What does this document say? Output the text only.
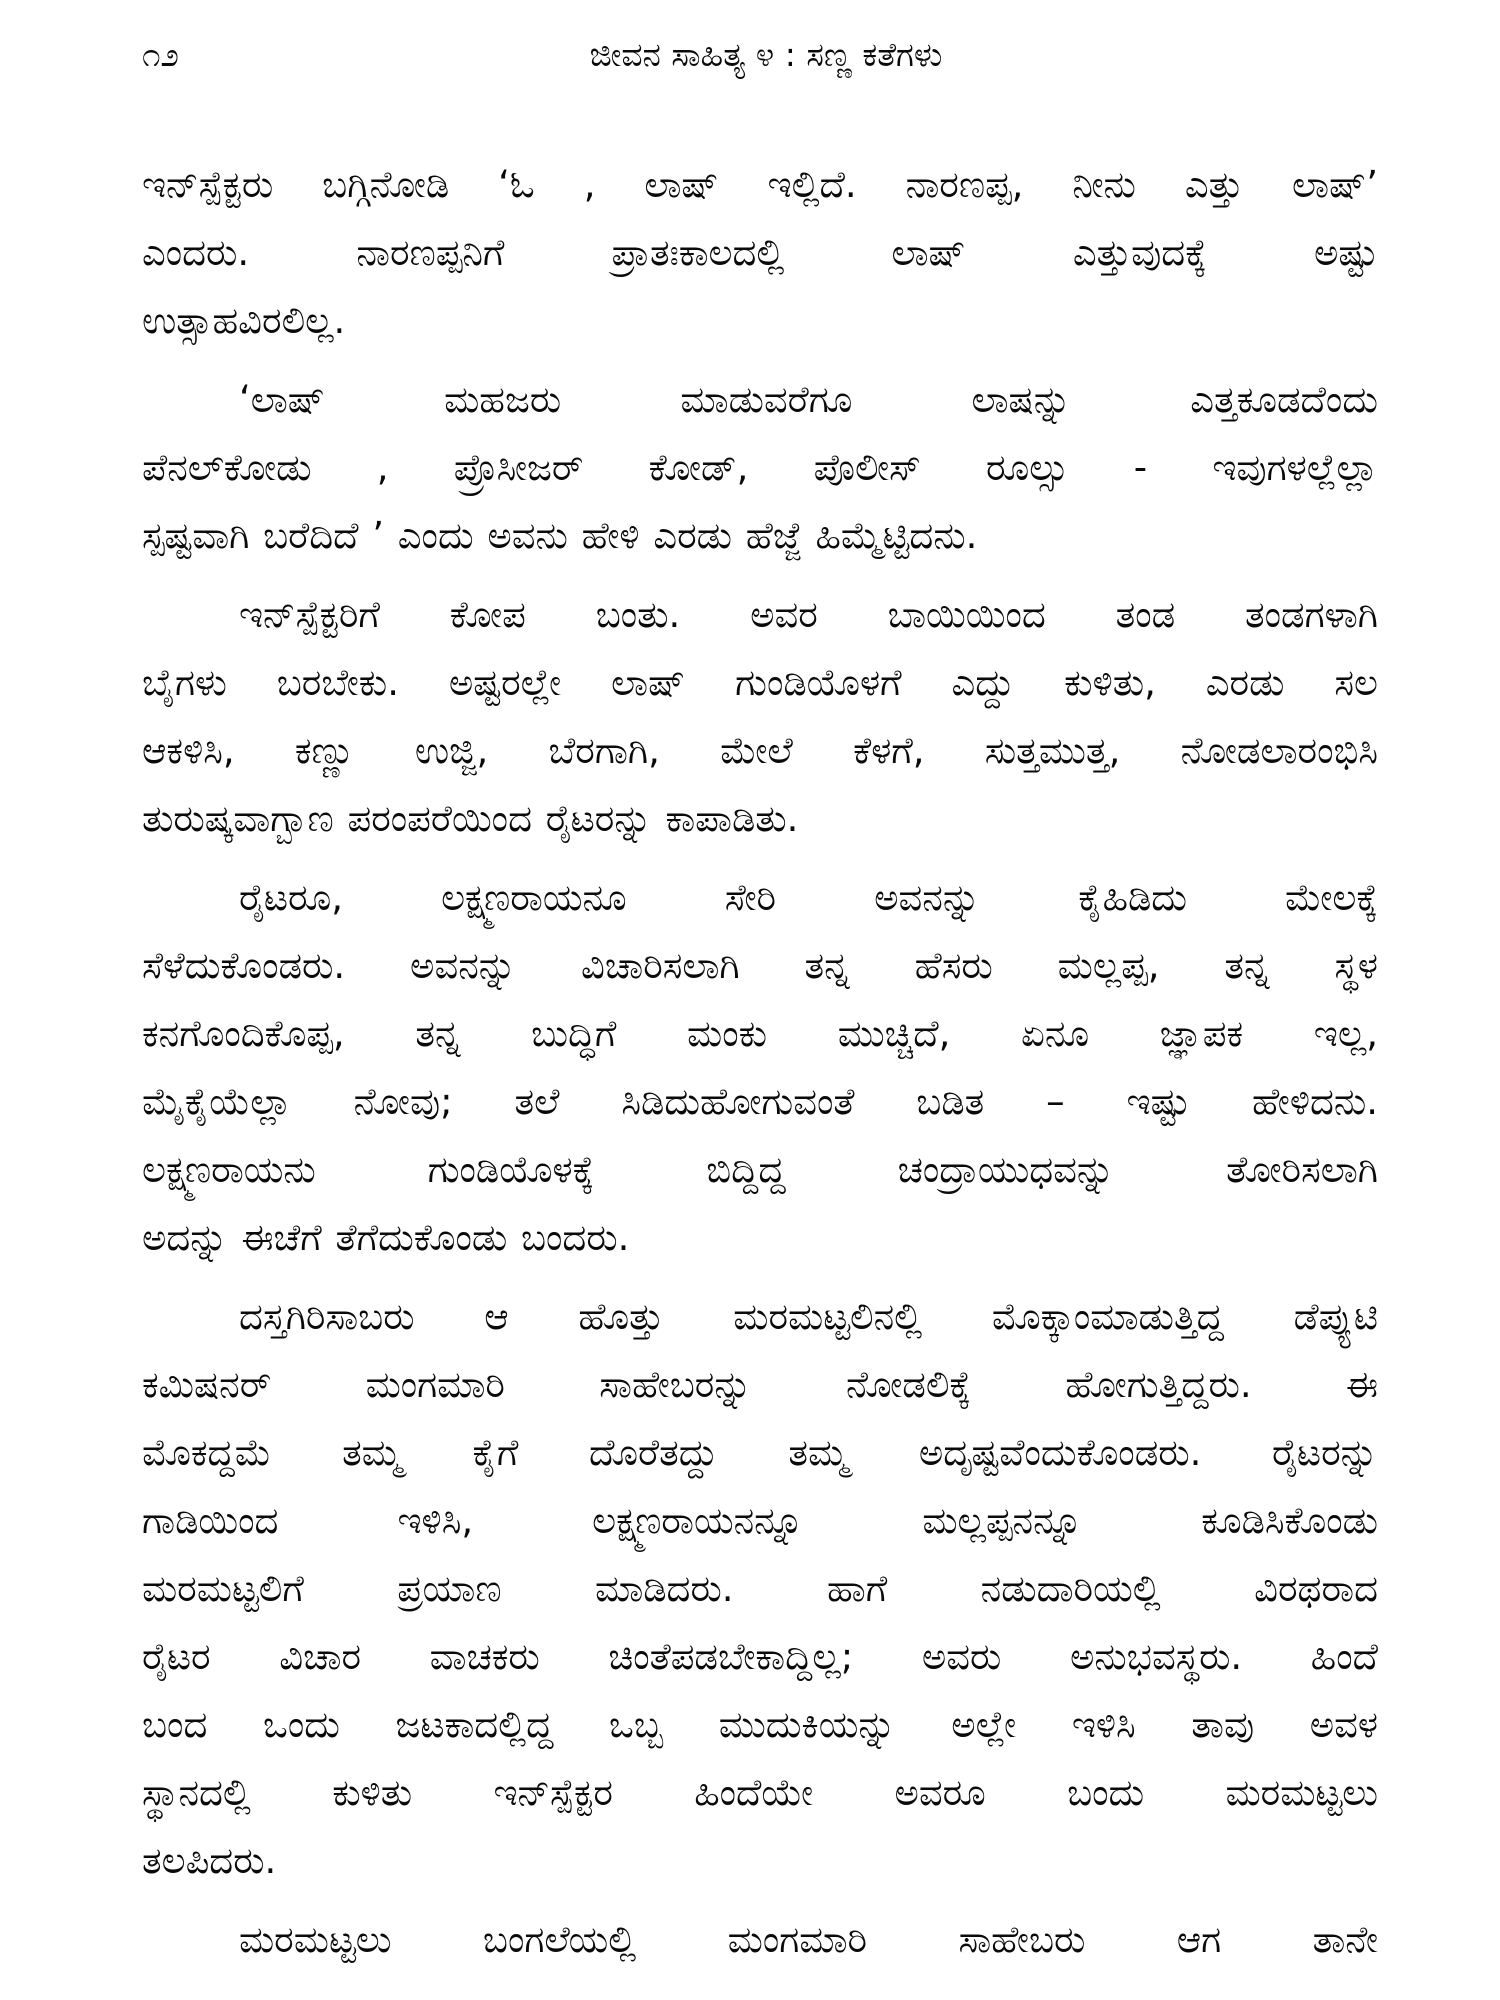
೧೨	ಜೀವನ ಸಾಹಿತ್ಯ ೪ : ಸಣ್ಣ ಕತೆಗಳು
ಇನ್‌ಸ್ಪೆಕ್ಟರು ಬಗ್ಗಿನೋಡಿ ‘ಓ , ಲಾಷ್ ಇಲ್ಲಿದೆ. ನಾರಣಪ್ಪ, ನೀನು ಎತ್ತು ಲಾಷ್’
ಎಂದರು. ನಾರಣಪ್ಪನಿಗೆ ಪ್ರಾತಃಕಾಲದಲ್ಲಿ ಲಾಷ್ ಎತ್ತುವುದಕ್ಕೆ ಅಷ್ಟು
ಉತ್ಸಾಹವಿರಲಿಲ್ಲ.
‘ಲಾಷ್ ಮಹಜರು ಮಾಡುವರೆಗೂ ಲಾಷನ್ನು ಎತ್ತಕೂಡದೆಂದು
ಪೆನಲ್‌ಕೋಡು , ಪ್ರೊಸೀಜರ್ ಕೋಡ್, ಪೊಲೀಸ್ ರೂಲ್ಸು - ಇವುಗಳಲ್ಲೆಲ್ಲಾ
ಸ್ಪಷ್ಟವಾಗಿ ಬರೆದಿದೆ ’ ಎಂದು ಅವನು ಹೇಳಿ ಎರಡು ಹೆಜ್ಜೆ ಹಿಮ್ಮೆಟ್ಟಿದನು.
ಇನ್‌ಸ್ಪೆಕ್ಟರಿಗೆ ಕೋಪ ಬಂತು. ಅವರ ಬಾಯಿಯಿಂದ ತಂಡ ತಂಡಗಳಾಗಿ
ಬೈಗಳು ಬರಬೇಕು. ಅಷ್ಟರಲ್ಲೇ ಲಾಷ್ ಗುಂಡಿಯೊಳಗೆ ಎದ್ದು ಕುಳಿತು, ಎರಡು ಸಲ
ಆಕಳಿಸಿ, ಕಣ್ಣು ಉಜ್ಜಿ, ಬೆರಗಾಗಿ, ಮೇಲೆ ಕೆಳಗೆ, ಸುತ್ತಮುತ್ತ, ನೋಡಲಾರಂಭಿಸಿ
ತುರುಷ್ಕವಾಗ್ಬಾಣ ಪರಂಪರೆಯಿಂದ ರೈಟರನ್ನು ಕಾಪಾಡಿತು.
ರೈಟರೂ, ಲಕ್ಷ್ಮಣರಾಯನೂ ಸೇರಿ ಅವನನ್ನು ಕೈಹಿಡಿದು ಮೇಲಕ್ಕೆ
ಸೆಳೆದುಕೊಂಡರು. ಅವನನ್ನು ವಿಚಾರಿಸಲಾಗಿ ತನ್ನ ಹೆಸರು ಮಲ್ಲಪ್ಪ, ತನ್ನ ಸ್ಥಳ
ಕನಗೊಂದಿಕೊಪ್ಪ, ತನ್ನ ಬುದ್ಧಿಗೆ ಮಂಕು ಮುಚ್ಚಿದೆ, ಏನೂ ಜ್ಞಾಪಕ ಇಲ್ಲ,
ಮೈಕೈಯೆಲ್ಲಾ ನೋವು; ತಲೆ ಸಿಡಿದುಹೋಗುವಂತೆ ಬಡಿತ – ಇಷ್ಟು ಹೇಳಿದನು.
ಲಕ್ಷ್ಮಣರಾಯನು ಗುಂಡಿಯೊಳಕ್ಕೆ ಬಿದ್ದಿದ್ದ ಚಂದ್ರಾಯುಧವನ್ನು ತೋರಿಸಲಾಗಿ
ಅದನ್ನು ಈಚೆಗೆ ತೆಗೆದುಕೊಂಡು ಬಂದರು.
ದಸ್ತಗಿರಿಸಾಬರು ಆ ಹೊತ್ತು ಮರಮಟ್ಟಲಿನಲ್ಲಿ ಮೊಕ್ಕಾಂಮಾಡುತ್ತಿದ್ದ ಡೆಪ್ಯುಟಿ
ಕಮಿಷನರ್ ಮಂಗಮಾರಿ ಸಾಹೇಬರನ್ನು ನೋಡಲಿಕ್ಕೆ ಹೋಗುತ್ತಿದ್ದರು. ಈ
ಮೊಕದ್ದಮೆ ತಮ್ಮ ಕೈಗೆ ದೊರೆತದ್ದು ತಮ್ಮ ಅದೃಷ್ಟವೆಂದುಕೊಂಡರು. ರೈಟರನ್ನು
ಗಾಡಿಯಿಂದ ಇಳಿಸಿ, ಲಕ್ಷ್ಮಣರಾಯನನ್ನೂ ಮಲ್ಲಪ್ಪನನ್ನೂ ಕೂಡಿಸಿಕೊಂಡು
ಮರಮಟ್ಟಲಿಗೆ ಪ್ರಯಾಣ ಮಾಡಿದರು. ಹಾಗೆ ನಡುದಾರಿಯಲ್ಲಿ ವಿರಥರಾದ
ರೈಟರ ವಿಚಾರ ವಾಚಕರು ಚಿಂತೆಪಡಬೇಕಾದ್ದಿಲ್ಲ; ಅವರು ಅನುಭವಸ್ಥರು. ಹಿಂದೆ
ಬಂದ ಒಂದು ಜಟಕಾದಲ್ಲಿದ್ದ ಒಬ್ಬ ಮುದುಕಿಯನ್ನು ಅಲ್ಲೇ ಇಳಿಸಿ ತಾವು ಅವಳ
ಸ್ಥಾನದಲ್ಲಿ ಕುಳಿತು ಇನ್‌ಸ್ಪೆಕ್ಟರ ಹಿಂದೆಯೇ ಅವರೂ ಬಂದು ಮರಮಟ್ಟಲು
ತಲಪಿದರು.
ಮರಮಟ್ಟಲು ಬಂಗಲೆಯಲ್ಲಿ ಮಂಗಮಾರಿ ಸಾಹೇಬರು ಆಗ ತಾನೇ
